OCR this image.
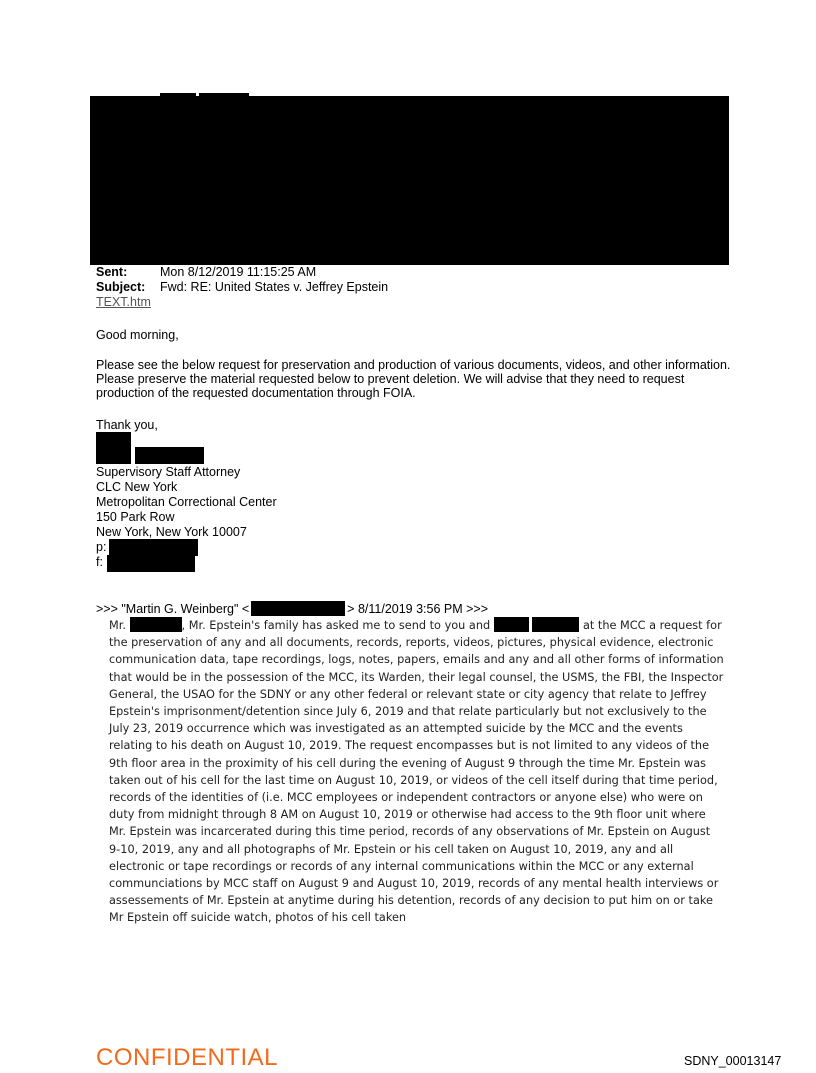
Sent:	Mon 8/12/2019 11:15:25 AM
Subject: Fwd: RE: United States v. Jeffrey Epstein
TEXT.htm
Good morning,
Please see the below request for preservation and production of various documents, videos, and other information. Please preserve the material requested below to prevent deletion. We will advise that they need to request production of the requested documentation through FOIA.
Thank you,
Supervisory Staff Attorney
CLC New York
Metropolitan Correctional Center
150 Park Row
New York, New York 10007
p:
f:
>>> "Martin G. Weinberg" <	> 8/11/2019 3:56 PM >>>
Mr.	, Mr. Epstein's family has asked me to send to you and	at the MCC a request for the preservation of any and all documents, records, reports, videos, pictures, physical evidence, electronic communication data, tape recordings, logs, notes, papers, emails and any and all other forms of information that would be in the possession of the MCC, its Warden, their legal counsel, the USMS, the FBI, the Inspector General, the USAO for the SDNY or any other federal or relevant state or city agency that relate to Jeffrey Epstein's imprisonment/detention since July 6, 2019 and that relate particularly but not exclusively to the July 23, 2019 occurrence which was investigated as an attempted suicide by the MCC and the events relating to his death on August 10, 2019. The request encompasses but is not limited to any videos of the 9th floor area in the proximity of his cell during the evening of August 9 through the time Mr. Epstein was taken out of his cell for the last time on August 10, 2019, or videos of the cell itself during that time period, records of the identities of (i.e. MCC employees or independent contractors or anyone else) who were on duty from midnight through 8 AM on August 10, 2019 or otherwise had access to the 9th floor unit where Mr. Epstein was incarcerated during this time period, records of any observations of Mr. Epstein on August 9-10, 2019, any and all photographs of Mr. Epstein or his cell taken on August 10, 2019, any and all electronic or tape recordings or records of any internal communications within the MCC or any external communciations by MCC staff on August 9 and August 10, 2019, records of any mental health interviews or assessements of Mr. Epstein at anytime during his detention, records of any decision to put him on or take Mr Epstein off suicide watch, photos of his cell taken
CONFIDENTIAL	SDNY_00013147
